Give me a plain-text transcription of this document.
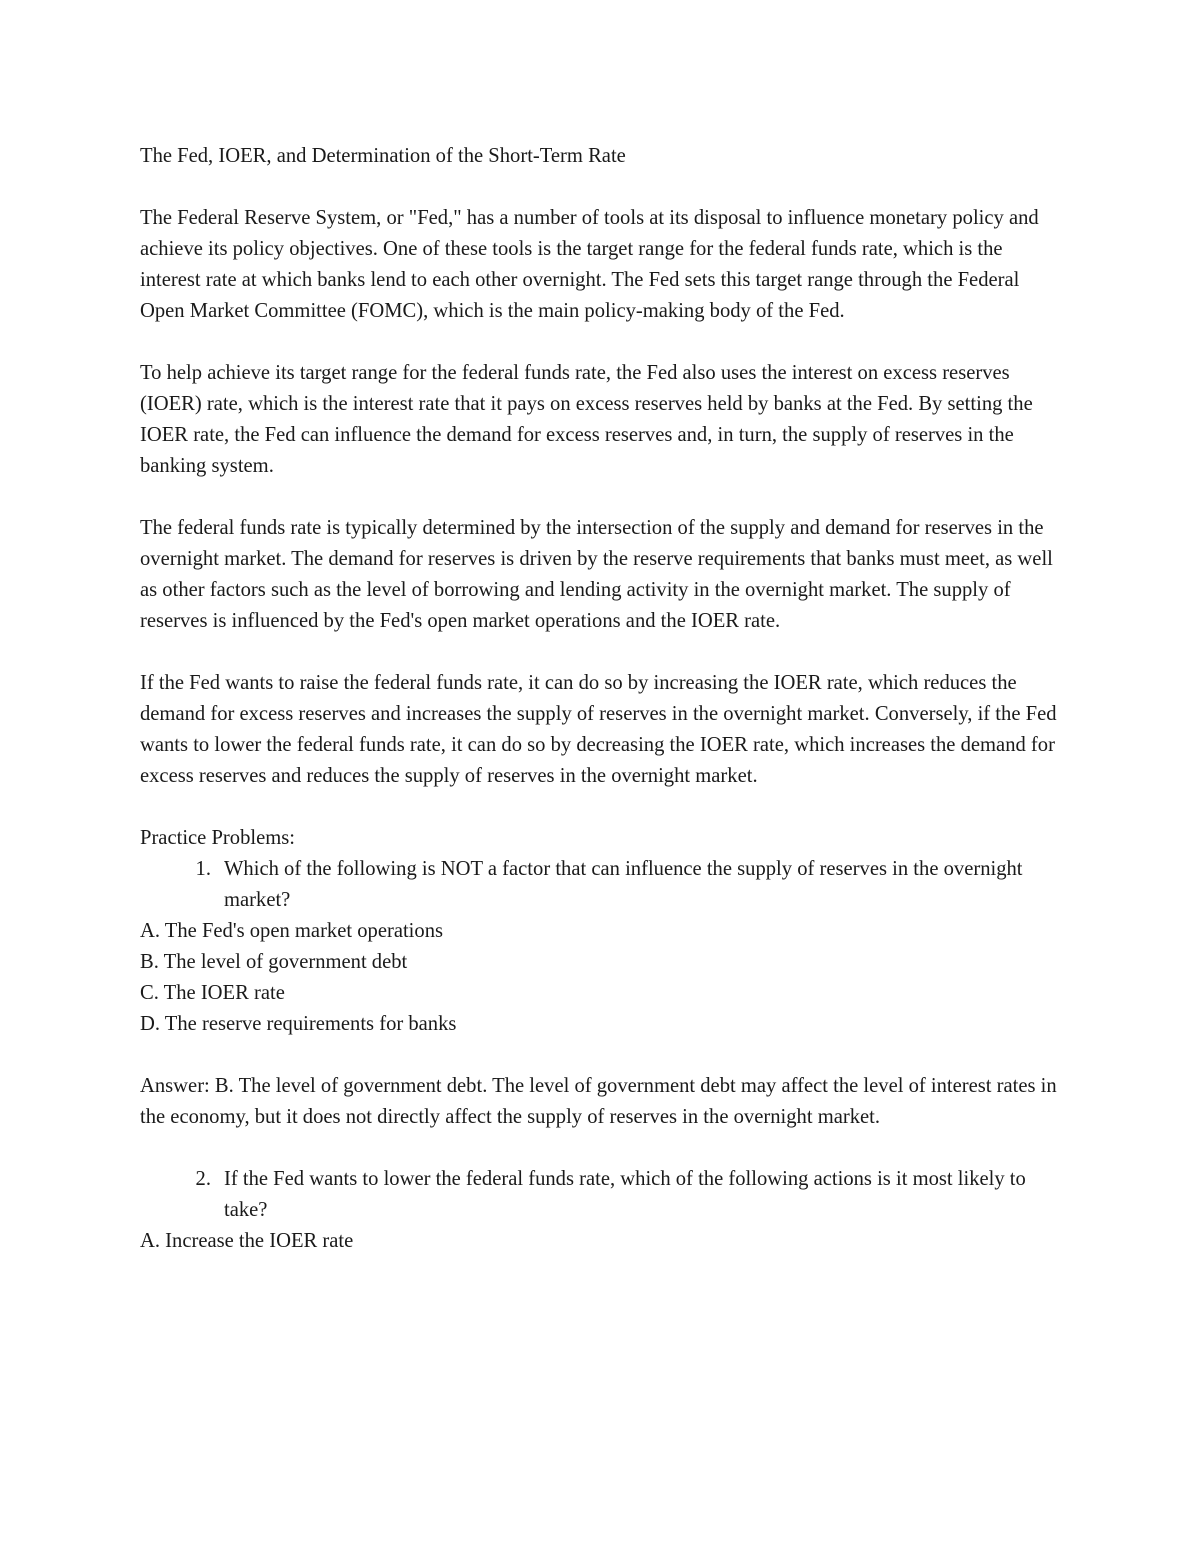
The Fed, IOER, and Determination of the Short-Term Rate

The Federal Reserve System, or "Fed," has a number of tools at its disposal to influence monetary policy and achieve its policy objectives. One of these tools is the target range for the federal funds rate, which is the interest rate at which banks lend to each other overnight. The Fed sets this target range through the Federal Open Market Committee (FOMC), which is the main policy-making body of the Fed.

To help achieve its target range for the federal funds rate, the Fed also uses the interest on excess reserves (IOER) rate, which is the interest rate that it pays on excess reserves held by banks at the Fed. By setting the IOER rate, the Fed can influence the demand for excess reserves and, in turn, the supply of reserves in the banking system.

The federal funds rate is typically determined by the intersection of the supply and demand for reserves in the overnight market. The demand for reserves is driven by the reserve requirements that banks must meet, as well as other factors such as the level of borrowing and lending activity in the overnight market. The supply of reserves is influenced by the Fed's open market operations and the IOER rate.

If the Fed wants to raise the federal funds rate, it can do so by increasing the IOER rate, which reduces the demand for excess reserves and increases the supply of reserves in the overnight market. Conversely, if the Fed wants to lower the federal funds rate, it can do so by decreasing the IOER rate, which increases the demand for excess reserves and reduces the supply of reserves in the overnight market.

Practice Problems:

1. Which of the following is NOT a factor that can influence the supply of reserves in the overnight market?

A. The Fed's open market operations

B. The level of government debt

C. The IOER rate

D. The reserve requirements for banks

Answer: B. The level of government debt. The level of government debt may affect the level of interest rates in the economy, but it does not directly affect the supply of reserves in the overnight market.

2. If the Fed wants to lower the federal funds rate, which of the following actions is it most likely to take?

A. Increase the IOER rate
